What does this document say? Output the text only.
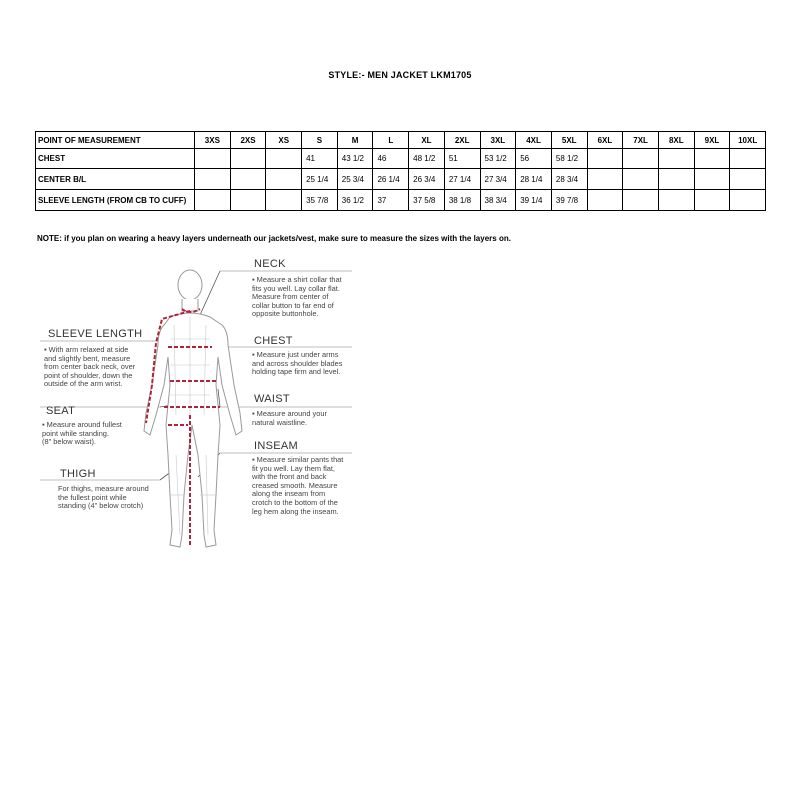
STYLE:- MEN JACKET LKM1705
POINT OF MEASUREMENT	3XS	2XS	XS	S	M	L	XL	2XL	3XL	4XL	5XL	6XL	7XL	8XL	9XL	10XL
CHEST				41	43 1/2	46	48 1/2	51	53 1/2	56	58 1/2					
CENTER B/L				25 1/4	25 3/4	26 1/4	26 3/4	27 1/4	27 3/4	28 1/4	28 3/4					
SLEEVE LENGTH (FROM CB TO CUFF)				35 7/8	36 1/2	37	37 5/8	38 1/8	38 3/4	39 1/4	39 7/8					
NOTE: if you plan on wearing a heavy layers underneath our jackets/vest, make sure to measure the sizes with the layers on.
NECK
▪ Measure a shirt collar that
fits you well. Lay collar flat.
Measure from center of
collar button to far end of
opposite buttonhole.
CHEST
▪ Measure just under arms
and across shoulder blades
holding tape firm and level.
WAIST
▪ Measure around your
natural waistline.
INSEAM
▪ Measure similar pants that
fit you well. Lay them flat,
with the front and back
creased smooth. Measure
along the inseam from
crotch to the bottom of the
leg hem along the inseam.
SLEEVE LENGTH
▪ With arm relaxed at side
and slightly bent, measure
from center back neck, over
point of shoulder, down the
outside of the arm wrist.
SEAT
▪ Measure around fullest
point while standing.
(8" below waist).
THIGH
For thighs, measure around
the fullest point while
standing (4" below crotch)
